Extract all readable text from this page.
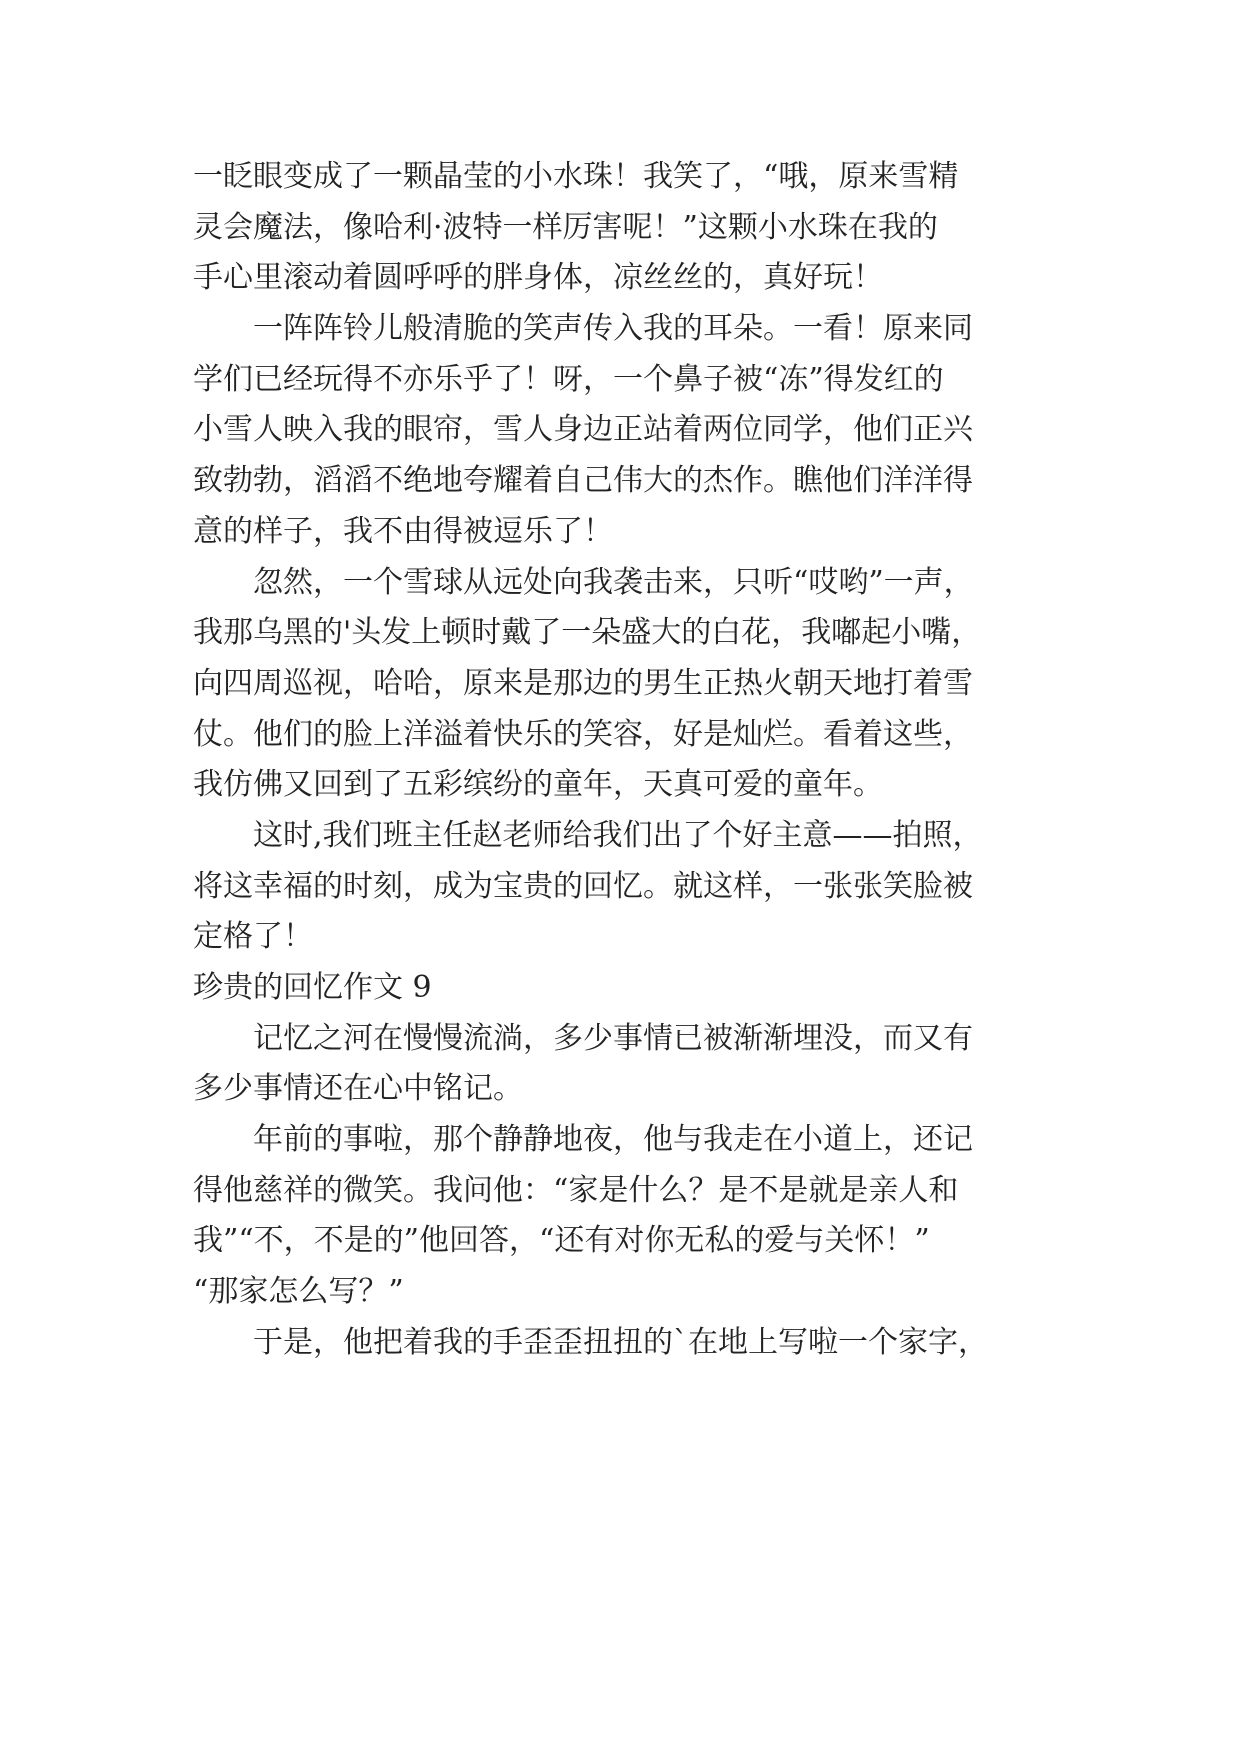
一眨眼变成了一颗晶莹的小水珠！我笑了，“哦，原来雪精
灵会魔法，像哈利·波特一样厉害呢！”这颗小水珠在我的
手心里滚动着圆呼呼的胖身体，凉丝丝的，真好玩！
　　一阵阵铃儿般清脆的笑声传入我的耳朵。一看！原来同
学们已经玩得不亦乐乎了！呀，一个鼻子被“冻”得发红的
小雪人映入我的眼帘，雪人身边正站着两位同学，他们正兴
致勃勃，滔滔不绝地夸耀着自己伟大的杰作。瞧他们洋洋得
意的样子，我不由得被逗乐了！
　　忽然，一个雪球从远处向我袭击来，只听“哎哟”一声，
我那乌黑的'头发上顿时戴了一朵盛大的白花，我嘟起小嘴，
向四周巡视，哈哈，原来是那边的男生正热火朝天地打着雪
仗。他们的脸上洋溢着快乐的笑容，好是灿烂。看着这些，
我仿佛又回到了五彩缤纷的童年，天真可爱的童年。
　　这时,我们班主任赵老师给我们出了个好主意——拍照，
将这幸福的时刻，成为宝贵的回忆。就这样，一张张笑脸被
定格了！
珍贵的回忆作文 9
　　记忆之河在慢慢流淌，多少事情已被渐渐埋没，而又有
多少事情还在心中铭记。
　　年前的事啦，那个静静地夜，他与我走在小道上，还记
得他慈祥的微笑。我问他：“家是什么？是不是就是亲人和
我”“不，不是的”他回答，“还有对你无私的爱与关怀！”
“那家怎么写？”
　　于是，他把着我的手歪歪扭扭的`在地上写啦一个家字，
